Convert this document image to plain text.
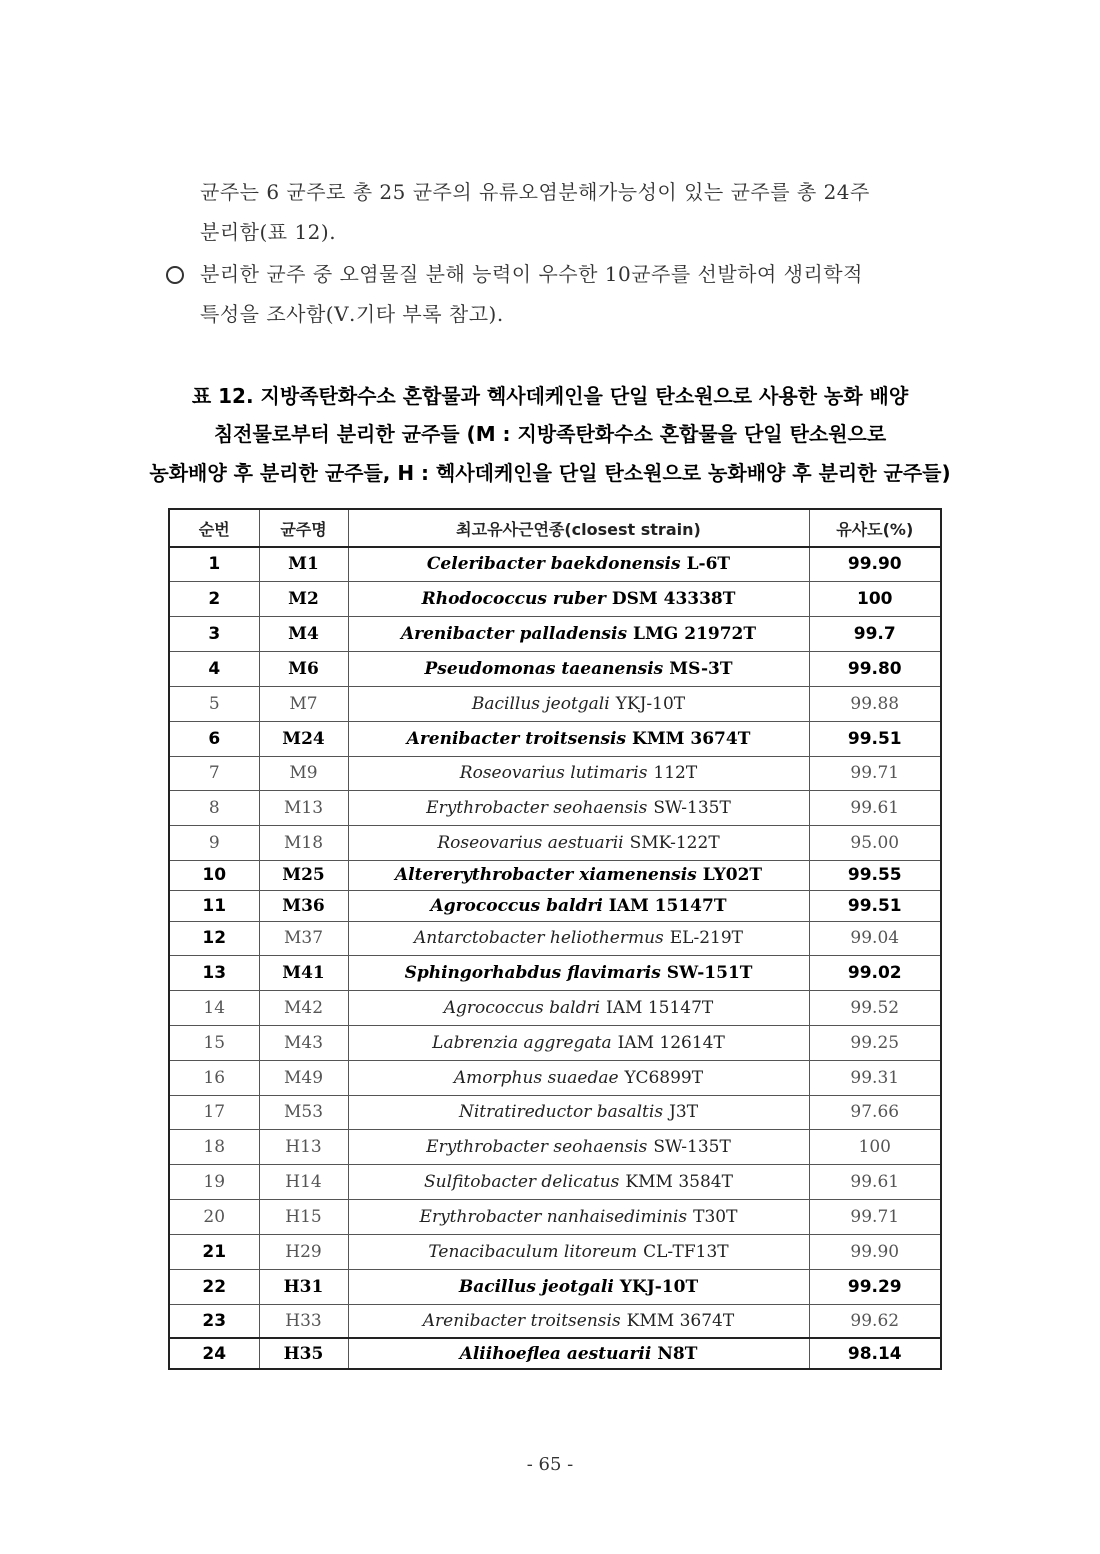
균주는 6 균주로 총 25 균주의 유류오염분해가능성이 있는 균주를 총 24주
분리함(표 12).
분리한 균주 중 오염물질 분해 능력이 우수한 10균주를 선발하여 생리학적
특성을 조사함(Ⅴ.기타 부록 참고).
표 12. 지방족탄화수소 혼합물과 헥사데케인을 단일 탄소원으로 사용한 농화 배양
침전물로부터 분리한 균주들 (M : 지방족탄화수소 혼합물을 단일 탄소원으로
농화배양 후 분리한 균주들, H : 헥사데케인을 단일 탄소원으로 농화배양 후 분리한 균주들)
순번	균주명	최고유사근연종(closest strain)	유사도(%)
1	M1	Celeribacter baekdonensis L-6T	99.90
2	M2	Rhodococcus ruber DSM 43338T	100
3	M4	Arenibacter palladensis LMG 21972T	99.7
4	M6	Pseudomonas taeanensis MS-3T	99.80
5	M7	Bacillus jeotgali YKJ-10T	99.88
6	M24	Arenibacter troitsensis KMM 3674T	99.51
7	M9	Roseovarius lutimaris 112T	99.71
8	M13	Erythrobacter seohaensis SW-135T	99.61
9	M18	Roseovarius aestuarii SMK-122T	95.00
10	M25	Altererythrobacter xiamenensis LY02T	99.55
11	M36	Agrococcus baldri IAM 15147T	99.51
12	M37	Antarctobacter heliothermus EL-219T	99.04
13	M41	Sphingorhabdus flavimaris SW-151T	99.02
14	M42	Agrococcus baldri IAM 15147T	99.52
15	M43	Labrenzia aggregata IAM 12614T	99.25
16	M49	Amorphus suaedae YC6899T	99.31
17	M53	Nitratireductor basaltis J3T	97.66
18	H13	Erythrobacter seohaensis SW-135T	100
19	H14	Sulfitobacter delicatus KMM 3584T	99.61
20	H15	Erythrobacter nanhaisediminis T30T	99.71
21	H29	Tenacibaculum litoreum CL-TF13T	99.90
22	H31	Bacillus jeotgali YKJ-10T	99.29
23	H33	Arenibacter troitsensis KMM 3674T	99.62
24	H35	Aliihoeflea aestuarii N8T	98.14
- 65 -
